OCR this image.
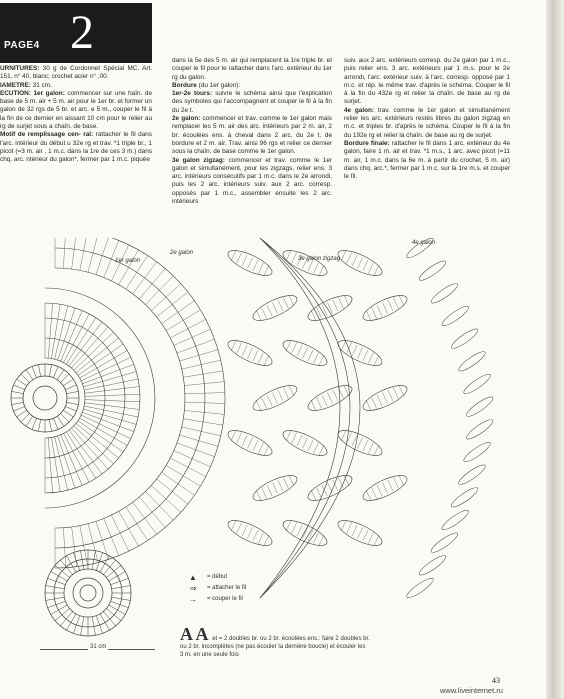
PAGE4 2

URNITURES: 30 g de Cordonnet Spécial MC, Art. 151, n° 40, blanc; crochet acier n° ,00.

IAMETRE: 31 cm.

ECUTION: 1er galon: commencer sur une haîn. de base de 5 m. air + 5 m. air pour le 1er br. et former un galon de 32 rgs de 5 br. et arc. e 5 m., couper le fil à la fin de ce dernier en aissant 10 cm pour le relier au rg de surjet sous a chaîn. de base.

Motif de remplissage cen- ral: rattacher le fil dans l'arc. intérieur du début u 32e rg et trav. *1 triple br., 1 picot (=3 m. air . 1 m.c. dans la 1re de ces 3 m.) dans chq. arc. ntérieur du galon*, fermer par 1 m.c. piquée

dans la 5e des 5 m. air qui remplacent la 1re triple br. et couper le fil pour le rattacher dans l'arc. extérieur du 1er rg du galon.

Bordure (du 1er galon):

1er-2e tours: suivre le schéma ainsi que l'explication des symboles qui l'accompagnent et couper le fil à la fin du 2e t.

2e galon: commencer et trav. comme le 1er galon mais remplacer les 5 m. air des arc. intérieurs par 2 m. air, 2 br. écoulées ens. à cheval dans 2 arc. du 2e t. de bordure et 2 m. air. Trav. ainsi 96 rgs et relier ce dernier sous la chaîn. de base comme le 1er galon.

3e galon zigzag: commencer et trav. comme le 1er galon et simultanément, pour les zigzags, relier ens. 3 arc. intérieurs consécutifs par 1 m.c. dans le 2e arrondi, puis les 2 arc. intérieurs suiv. aux 2 arc. corresp. opposés par 1 m.c., assembler ensuite les 2 arc. intérieurs

suiv. aux 2 arc. extérieurs corresp. du 2e galon par 1 m.c., puis relier ens. 3 arc. extérieurs par 1 m.s. pour le 2e arrondi, l'arc. extérieur suiv. à l'arc. corresp. opposé par 1 m.c. et rép. le même trav. d'après le schéma. Couper le fil à la fin du 432e rg et relier la chaîn. de base au rg de surjet.

4e galon: trav. comme le 1er galon et simultanément relier les arc. extérieurs restés libres du galon zigzag en m.c. et triples br. d'après le schéma. Couper le fil à la fin du 192e rg et relier la chaîn. de base au rg de surjet.

Bordure finale: rattacher le fil dans 1 arc. extérieur du 4e galon, faire 1 m. air et trav. *1 m.s., 1 arc. avec picot (=11 m. air, 1 m.c. dans la 6e m. à partir du crochet, 5 m. air) dans chq. arc.*, fermer par 1 m.c. sur la 1re m.s. et couper le fil.

1er galon
2e galon
3e galon zigzag
4e galon
▲	= début
⇒	= attacher le fil
→	= couper le fil
31 cm
A A et = 2 doubles br. ou 2 br. écoulées ens.: faire 2 doubles br. ou 2 br. incomplètes (ne pas écouler la dernière boucle) et écouler les 3 m. en une seule fois
43
www.liveinternet.ru
